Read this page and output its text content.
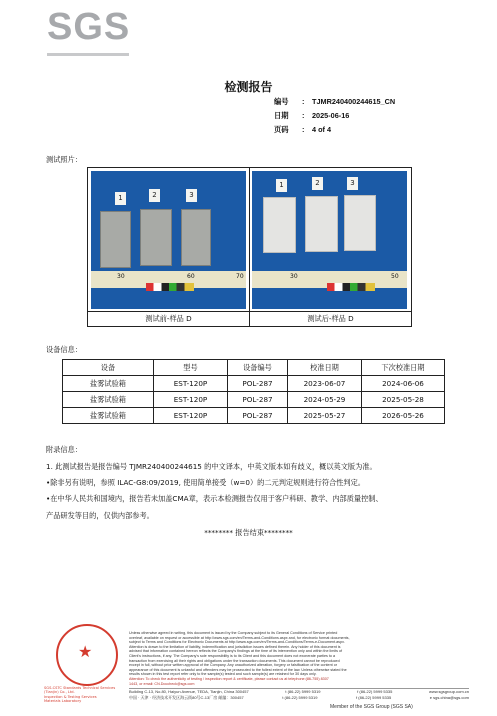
SGS
检测报告
编号 : TJMR240400244615_CN
日期 : 2025-06-16
页码 : 4 of 4
测试照片：
1	2	3
30	60	70
1	2	3
30	50
测试前-样品 D	测试后-样品 D
设备信息：
设备	型号	设备编号	校准日期	下次校准日期
盐雾试验箱	EST-120P	POL-287	2023-06-07	2024-06-06
盐雾试验箱	EST-120P	POL-287	2024-05-29	2025-05-28
盐雾试验箱	EST-120P	POL-287	2025-05-27	2026-05-26
附录信息：
1. 此测试报告是报告编号 TJMR240400244615 的中文译本，中英文版本如有歧义，概以英文版为准。
•除非另有说明，参照 ILAC-G8:09/2019, 使用简单接受（w=0）的二元判定规则进行符合性判定。
•在中华人民共和国境内，报告若未加盖CMA章，表示本检测报告仅用于客户科研、教学、内部质量控制、
产品研发等目的，仅供内部参考。
******** 报告结束********
★
SGS-CSTC Standards Technical Services (Tianjin) Co., Ltd.
Inspection & Testing Services
Materials Laboratory
Unless otherwise agreed in writing, this document is issued by the Company subject to its General Conditions of Service printed
overleaf, available on request or accessible at http://www.sgs.com/en/Terms-and-Conditions.aspx and, for electronic format documents,
subject to Terms and Conditions for Electronic Documents at http://www.sgs.com/en/Terms-and-Conditions/Terms-e-Document.aspx.
Attention is drawn to the limitation of liability, indemnification and jurisdiction issues defined therein. Any holder of this document is
advised that information contained hereon reflects the Company's findings at the time of its intervention only and within the limits of
Client's instructions, if any. The Company's sole responsibility is to its Client and this document does not exonerate parties to a
transaction from exercising all their rights and obligations under the transaction documents. This document cannot be reproduced
except in full, without prior written approval of the Company. Any unauthorized alteration, forgery or falsification of the content or
appearance of this document is unlawful and offenders may be prosecuted to the fullest extent of the law. Unless otherwise stated the
results shown in this test report refer only to the sample(s) tested and such sample(s) are retained for 30 days only.
Attention: To check the authenticity of testing / inspection report & certificate, please contact us at telephone:(86-755) 8307
1443, or email: CN.Doccheck@sgs.com
Building C-13, No.80, Haiyun Avenue, TEDA, Tianjin, China 300457	t (86-22) 5999 5319	f (86-22) 5999 5335	www.sgsgroup.com.cn
中国 · 天津 · 经济技术开发区海云街80号C-13厂房 邮编：300457	t (86-22) 5999 5319	f (86-22) 5999 5335	e sgs.china@sgs.com
Member of the SGS Group (SGS SA)
